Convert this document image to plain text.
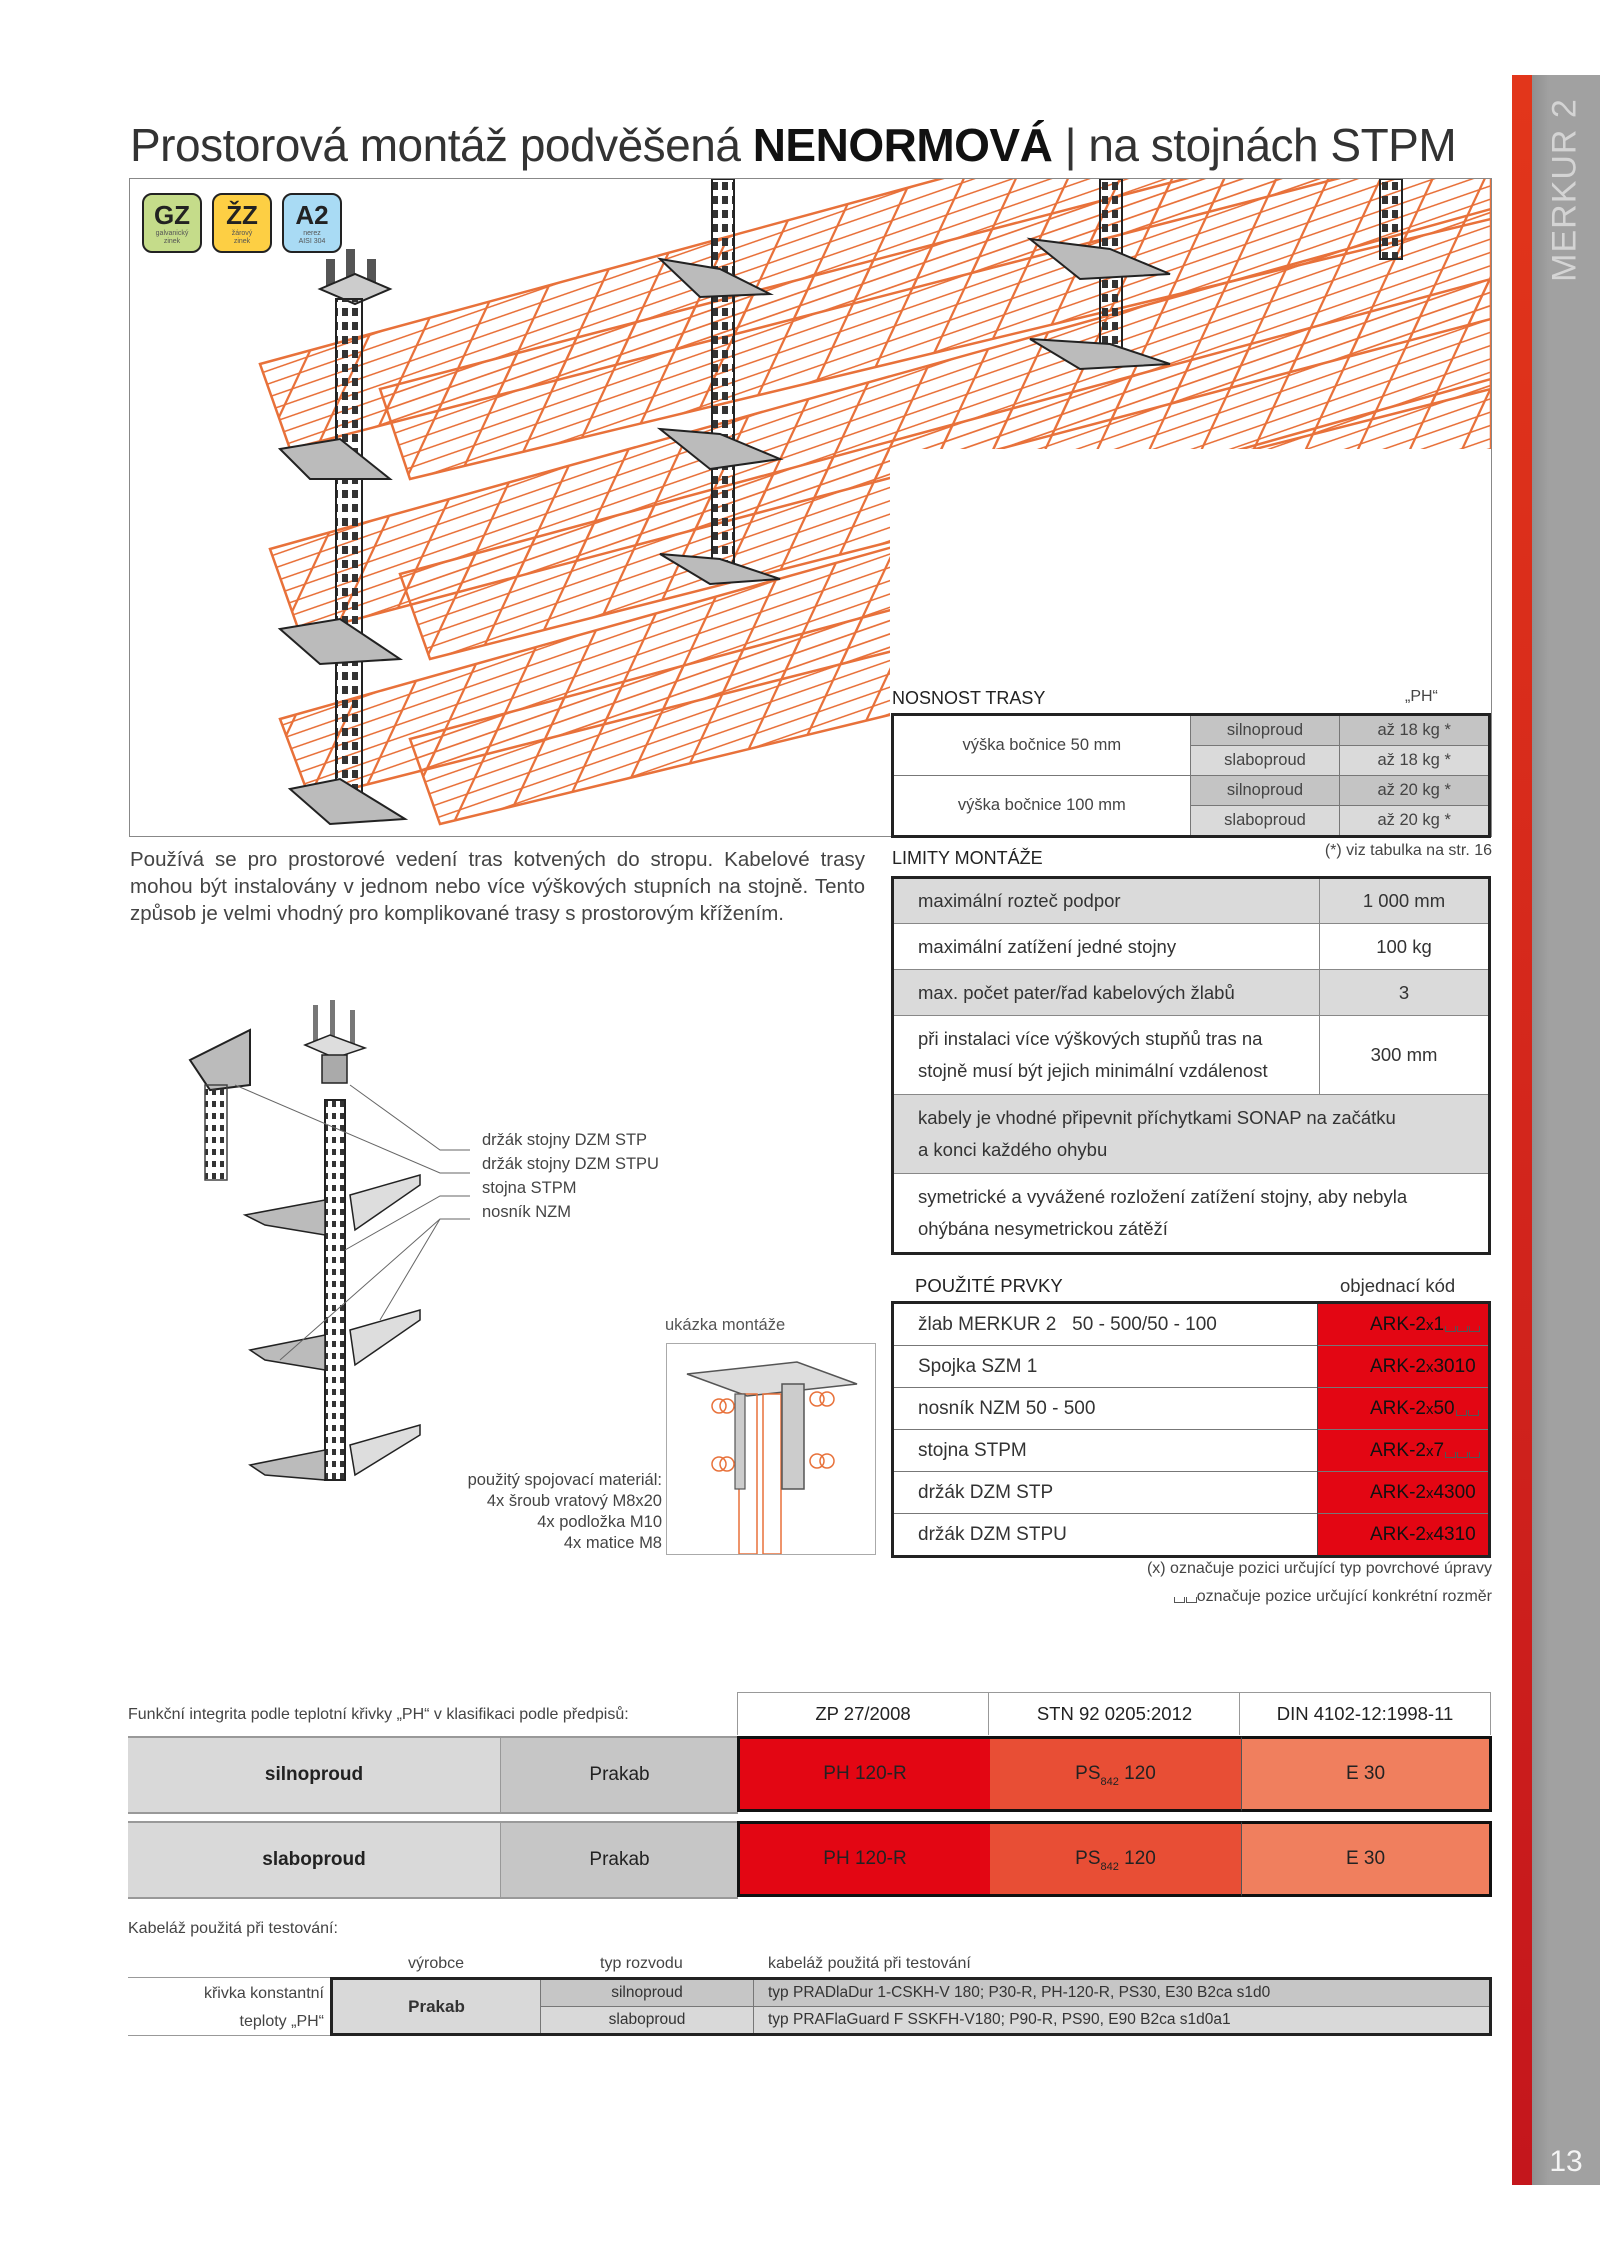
MERKUR 2
13
Prostorová montáž podvěšená NENORMOVÁ | na stojnách STPM
GZ
galvanický
zinek
ŽZ
žárový
zinek
A2
nerez
AISI 304
Používá se pro prostorové vedení tras kotvených do stropu. Kabelové trasy mohou být instalovány v jednom nebo více výškových stupních na stojně. Tento způsob je velmi vhodný pro komplikované trasy s prostorovým křížením.
NOSNOST TRASY	„PH“
výška bočnice 50 mm	silnoproud	až 18 kg *
	slaboproud	až 18 kg *
výška bočnice 100 mm	silnoproud	až 20 kg *
	slaboproud	až 20 kg *
LIMITY MONTÁŽE	(*) viz tabulka na str. 16
maximální rozteč podpor	1 000 mm
maximální zatížení jedné stojny	100 kg
max. počet pater/řad kabelových žlabů	3

při instalaci více výškových stupňů tras na
stojně musí být jejich minimální vzdálenost	300 mm

kabely je vhodné připevnit příchytkami SONAP na začátku
a konci každého ohybu	

symetrické a vyvážené rozložení zatížení stojny, aby nebyla
ohýbána nesymetrickou zátěží	
POUŽITÉ PRVKY	objednací kód
žlab MERKUR 2   50 - 500/50 - 100	ARK-2x1
Spojka SZM 1	ARK-2x3010
nosník NZM 50 - 500	ARK-2x50
stojna STPM	ARK-2x7
držák DZM STP	ARK-2x4300
držák DZM STPU	ARK-2x4310
(x) označuje pozici určující typ povrchové úpravy
označuje pozice určující konkrétní rozměr
držák stojny DZM STP
držák stojny DZM STPU
stojna STPM
nosník NZM
ukázka montáže
použitý spojovací materiál:
4x šroub vratový M8x20
4x podložka M10
4x matice M8
Funkční integrita podle teplotní křivky „PH“ v klasifikaci podle předpisů:	ZP 27/2008	STN 92 0205:2012	DIN 4102-12:1998-11
silnoproud	Prakab	PH 120-R	$PS_{842}$ 120	E 30
slaboproud	Prakab	PH 120-R	$PS_{842}$ 120	E 30
Kabeláž použitá při testování:
výrobce	typ rozvodu	kabeláž použitá při testování
křivka konstantní
teploty „PH“
Prakab	silnoproud	typ PRADlaDur 1-CSKH-V 180; P30-R, PH-120-R, PS30, E30 B2ca s1d0
	slaboproud	typ PRAFlaGuard F SSKFH-V180; P90-R, PS90, E90 B2ca s1d0a1
